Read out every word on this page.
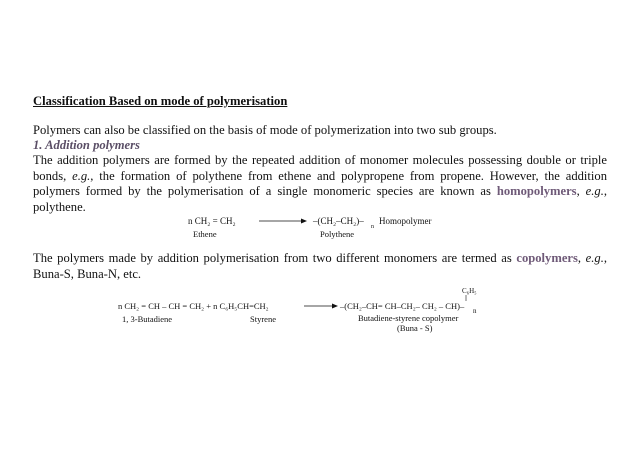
Classification Based on mode of polymerisation
Polymers can also be classified on the basis of mode of polymerization into two sub groups.
1. Addition polymers
The addition polymers are formed by the repeated addition of monomer molecules possessing double or triple bonds, e.g., the formation of polythene from ethene and polypropene from propene. However, the addition polymers formed by the polymerisation of a single monomeric species are known as homopolymers, e.g., polythene.
n CH₂ = CH₂	–(CH₂–CH₂)–
n
Homopolymer
Ethene	Polythene
The polymers made by addition polymerisation from two different monomers are termed as copolymers, e.g., Buna-S, Buna-N, etc.
C₆H₅
n CH₂ = CH – CH = CH₂ + n C₆H₅CH=CH₂	–(CH₂–CH= CH–CH₂– CH₂ – CH)– n
1, 3-Butadiene	Styrene	Butadiene-styrene copolymer
(Buna - S)
